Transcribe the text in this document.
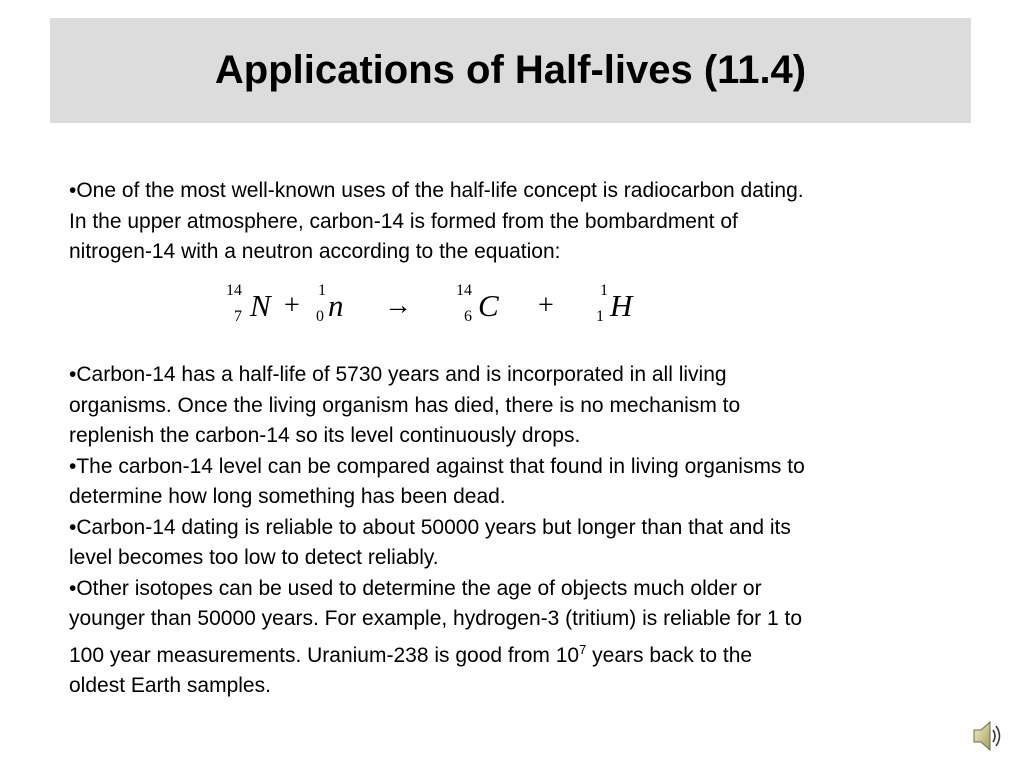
Applications of Half-lives (11.4)
•One of the most well-known uses of the half-life concept is radiocarbon dating.
In the upper atmosphere, carbon-14 is formed from the bombardment of
nitrogen-14 with a neutron according to the equation:
14
7 N + 1
0 n →	14
6 C +	1
1 H
•Carbon-14 has a half-life of 5730 years and is incorporated in all living
organisms. Once the living organism has died, there is no mechanism to
replenish the carbon-14 so its level continuously drops.
•The carbon-14 level can be compared against that found in living organisms to
determine how long something has been dead.
•Carbon-14 dating is reliable to about 50000 years but longer than that and its
level becomes too low to detect reliably.
•Other isotopes can be used to determine the age of objects much older or
younger than 50000 years. For example, hydrogen-3 (tritium) is reliable for 1 to
100 year measurements. Uranium-238 is good from $10^7$ years back to the
oldest Earth samples.
